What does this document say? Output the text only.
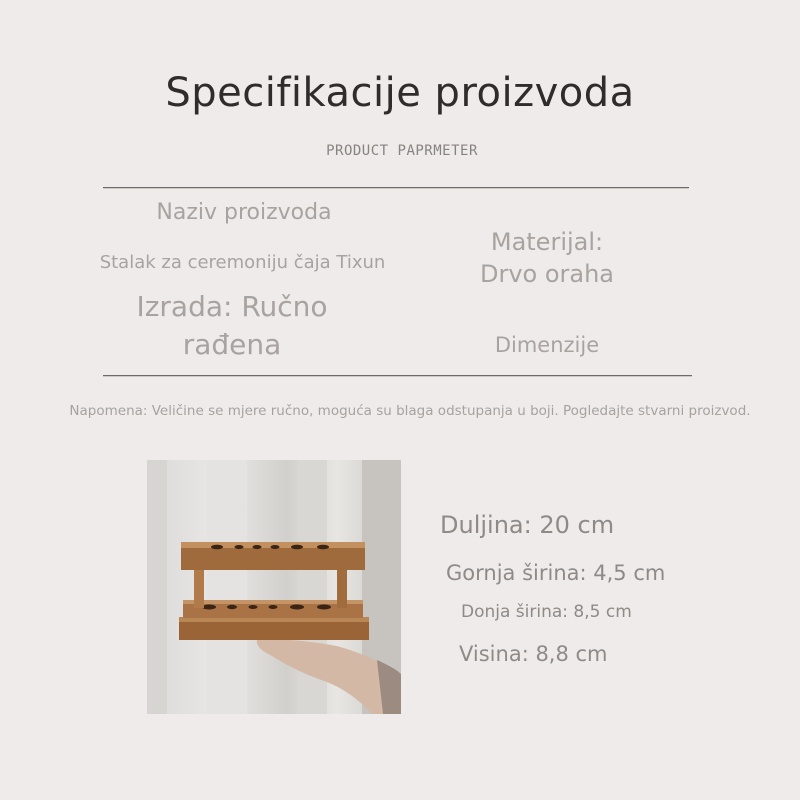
Specifikacije proizvoda
PRODUCT PAPRMETER
Naziv proizvoda
Stalak za ceremoniju čaja Tixun
Izrada: Ručno
rađena
Materijal:
Drvo oraha
Dimenzije
Napomena: Veličine se mjere ručno, moguća su blaga odstupanja u boji. Pogledajte stvarni proizvod.
Duljina: 20 cm
Gornja širina: 4,5 cm
Donja širina: 8,5 cm
Visina: 8,8 cm
